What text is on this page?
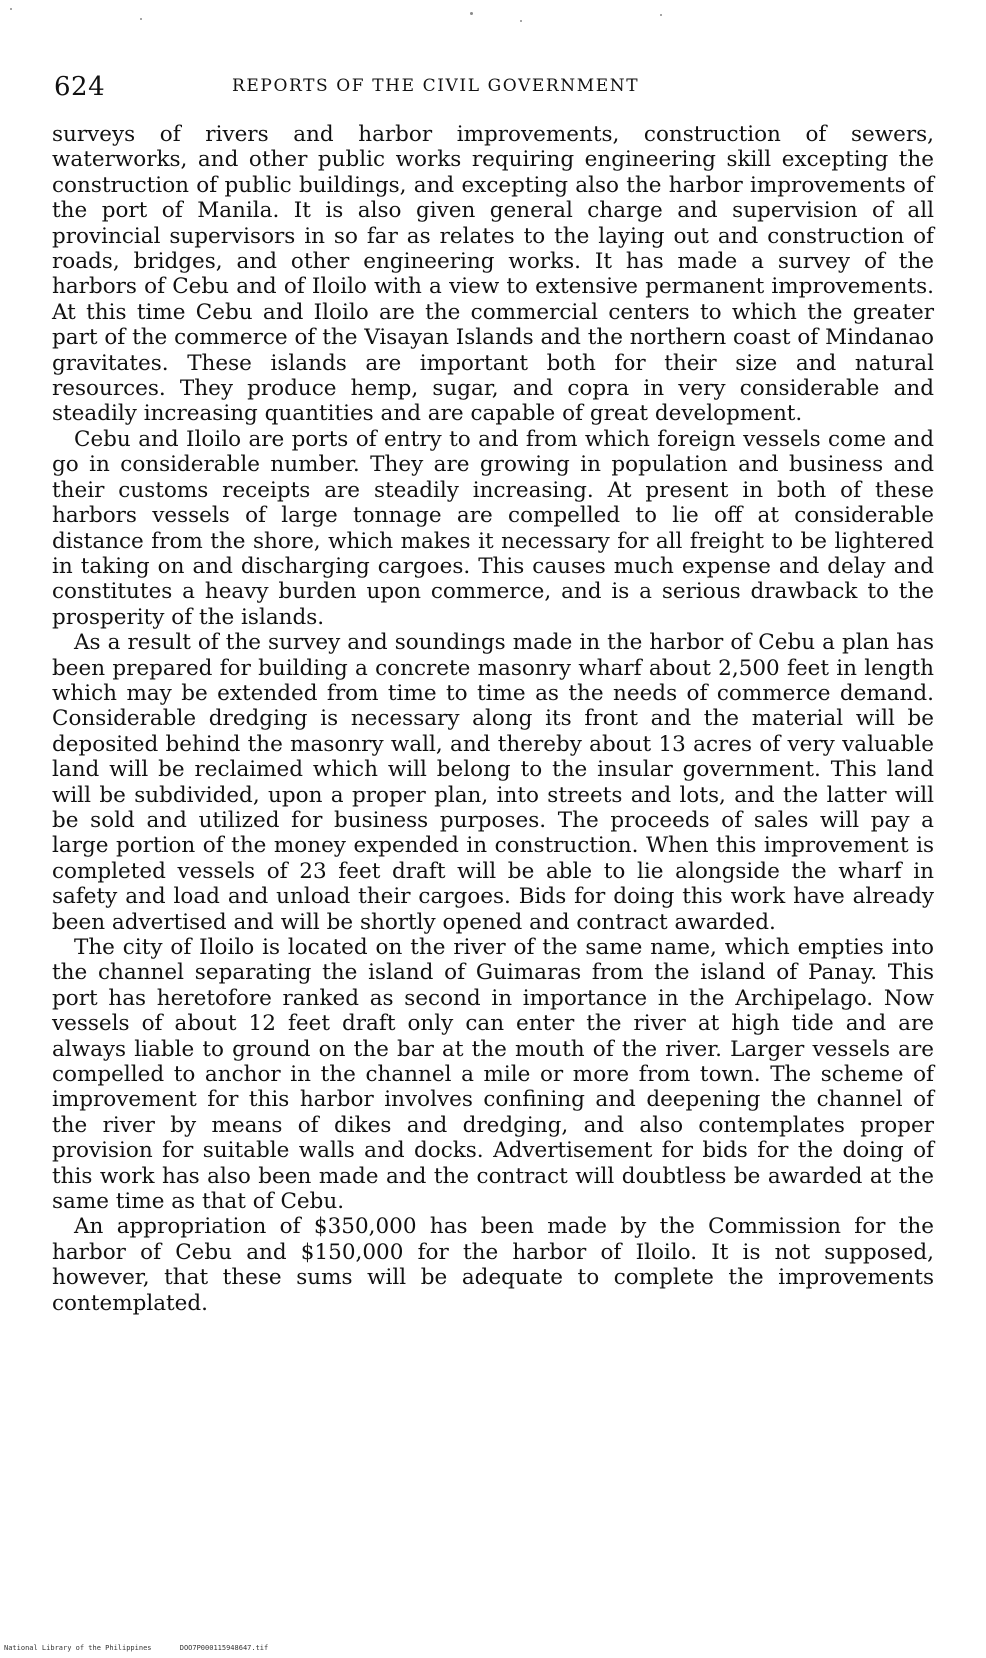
624	REPORTS OF THE CIVIL GOVERNMENT

surveys of rivers and harbor improvements, construction of sewers, waterworks, and other public works requiring engineering skill excepting the construction of public buildings, and excepting also the harbor improvements of the port of Manila. It is also given general charge and supervision of all provincial supervisors in so far as relates to the laying out and construction of roads, bridges, and other engineering works. It has made a survey of the harbors of Cebu and of Iloilo with a view to extensive permanent improvements. At this time Cebu and Iloilo are the commercial centers to which the greater part of the commerce of the Visayan Islands and the northern coast of Mindanao gravitates. These islands are important both for their size and natural resources. They produce hemp, sugar, and copra in very considerable and steadily increasing quantities and are capable of great development.

Cebu and Iloilo are ports of entry to and from which foreign vessels come and go in considerable number. They are growing in population and business and their customs receipts are steadily increasing. At present in both of these harbors vessels of large tonnage are compelled to lie off at considerable distance from the shore, which makes it necessary for all freight to be lightered in taking on and discharging cargoes. This causes much expense and delay and constitutes a heavy burden upon commerce, and is a serious drawback to the prosperity of the islands.

As a result of the survey and soundings made in the harbor of Cebu a plan has been prepared for building a concrete masonry wharf about 2,500 feet in length which may be extended from time to time as the needs of commerce demand. Considerable dredging is necessary along its front and the material will be deposited behind the masonry wall, and thereby about 13 acres of very valuable land will be reclaimed which will belong to the insular government. This land will be subdivided, upon a proper plan, into streets and lots, and the latter will be sold and utilized for business purposes. The proceeds of sales will pay a large portion of the money expended in construction. When this improvement is completed vessels of 23 feet draft will be able to lie alongside the wharf in safety and load and unload their cargoes. Bids for doing this work have already been advertised and will be shortly opened and contract awarded.

The city of Iloilo is located on the river of the same name, which empties into the channel separating the island of Guimaras from the island of Panay. This port has heretofore ranked as second in importance in the Archipelago. Now vessels of about 12 feet draft only can enter the river at high tide and are always liable to ground on the bar at the mouth of the river. Larger vessels are compelled to anchor in the channel a mile or more from town. The scheme of improvement for this harbor involves confining and deepening the channel of the river by means of dikes and dredging, and also contemplates proper provision for suitable walls and docks. Advertisement for bids for the doing of this work has also been made and the contract will doubtless be awarded at the same time as that of Cebu.

An appropriation of $350,000 has been made by the Commission for the harbor of Cebu and $150,000 for the harbor of Iloilo. It is not supposed, however, that these sums will be adequate to complete the improvements contemplated.

National Library of the Philippines	DOO7P000115948647.tif
